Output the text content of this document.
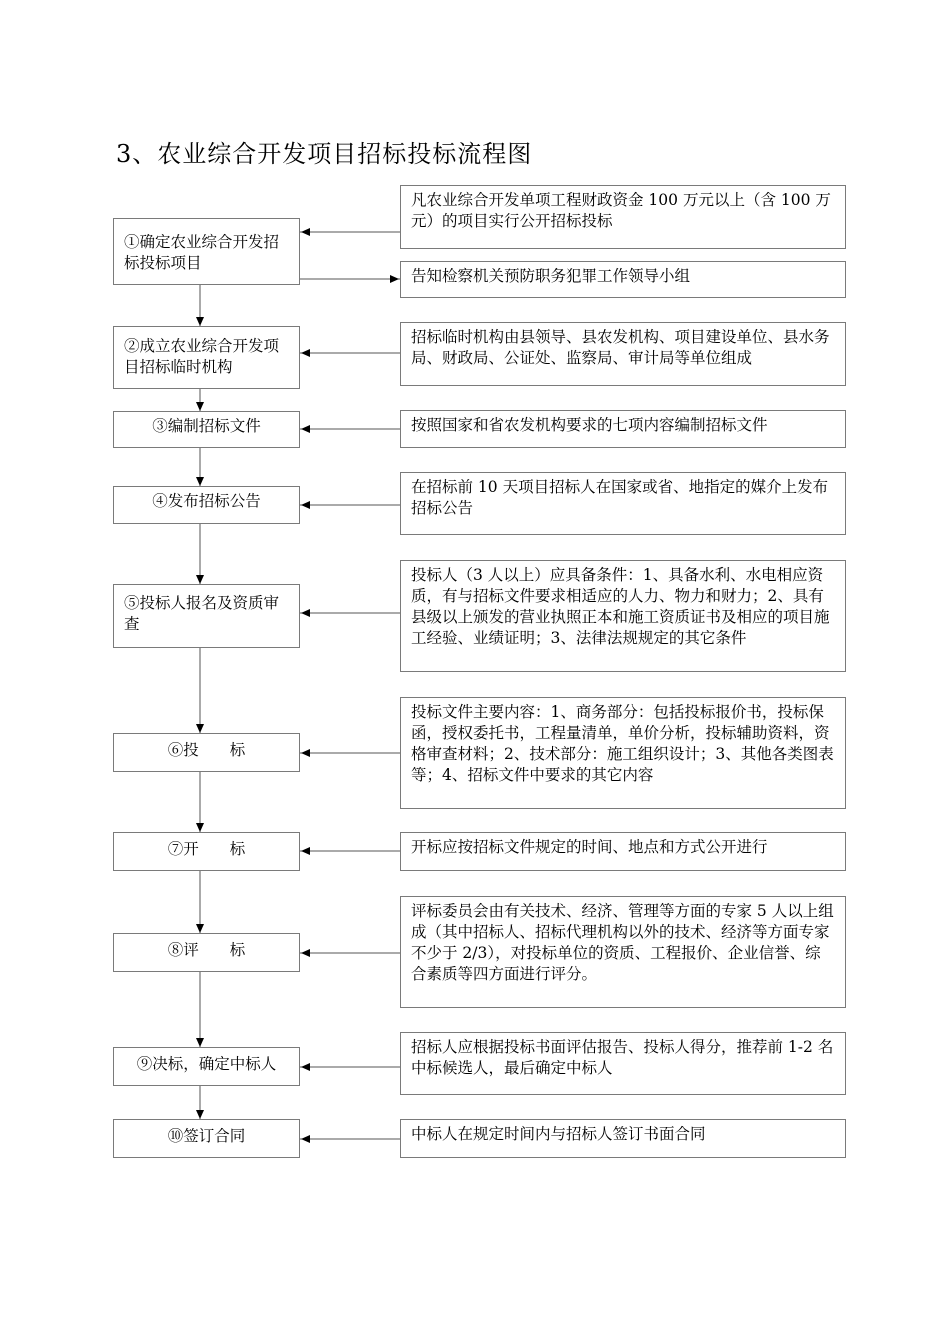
3、农业综合开发项目招标投标流程图
①确定农业综合开发招标投标项目
②成立农业综合开发项目招标临时机构
③编制招标文件
④发布招标公告
⑤投标人报名及资质审查
⑥投　　标
⑦开　　标
⑧评　　标
⑨决标，确定中标人
⑩签订合同
凡农业综合开发单项工程财政资金 100 万元以上（含 100 万元）的项目实行公开招标投标
告知检察机关预防职务犯罪工作领导小组
招标临时机构由县领导、县农发机构、项目建设单位、县水务局、财政局、公证处、监察局、审计局等单位组成
按照国家和省农发机构要求的七项内容编制招标文件
在招标前 10 天项目招标人在国家或省、地指定的媒介上发布招标公告
投标人（3 人以上）应具备条件：1、具备水利、水电相应资质，有与招标文件要求相适应的人力、物力和财力；2、具有县级以上颁发的营业执照正本和施工资质证书及相应的项目施工经验、业绩证明；3、法律法规规定的其它条件
投标文件主要内容：1、商务部分：包括投标报价书，投标保函，授权委托书，工程量清单，单价分析，投标辅助资料，资格审查材料；2、技术部分：施工组织设计；3、其他各类图表等；4、招标文件中要求的其它内容
开标应按招标文件规定的时间、地点和方式公开进行
评标委员会由有关技术、经济、管理等方面的专家 5 人以上组成（其中招标人、招标代理机构以外的技术、经济等方面专家不少于 2/3），对投标单位的资质、工程报价、企业信誉、综合素质等四方面进行评分。
招标人应根据投标书面评估报告、投标人得分，推荐前 1-2 名中标候选人，最后确定中标人
中标人在规定时间内与招标人签订书面合同
